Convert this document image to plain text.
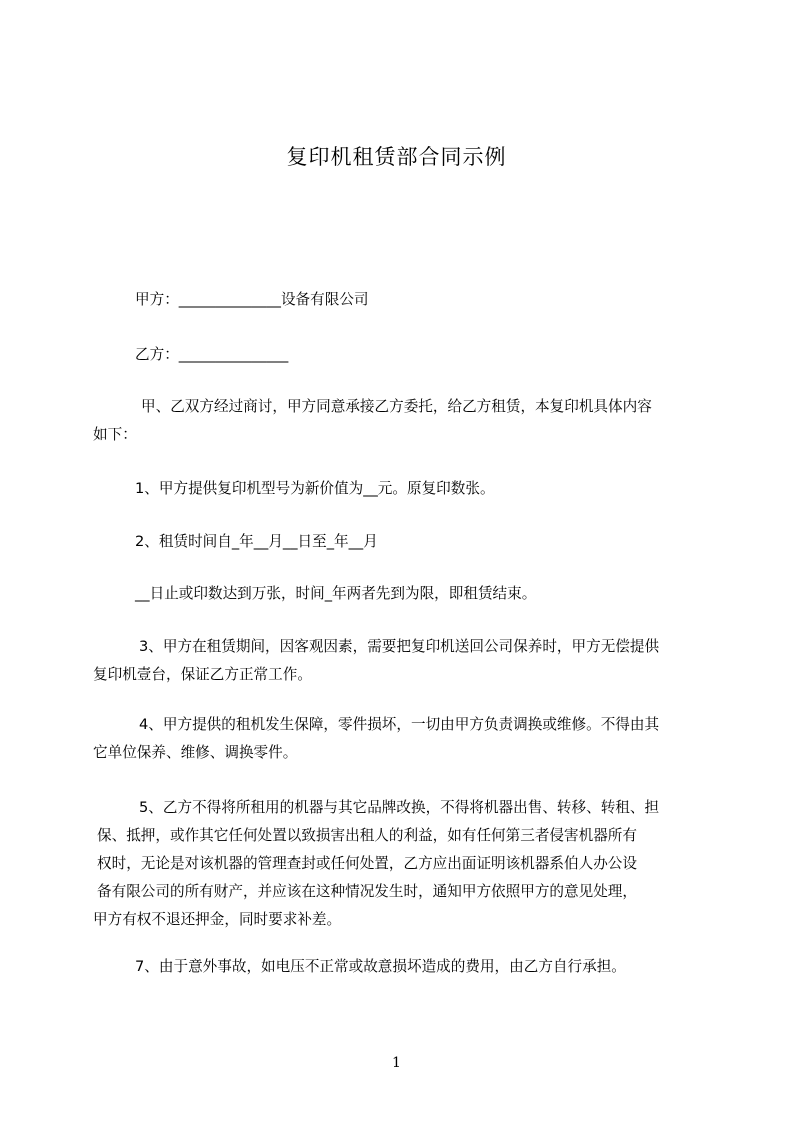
复印机租赁部合同示例

甲方：______________设备有限公司

乙方：_______________

甲、乙双方经过商讨，甲方同意承接乙方委托，给乙方租赁，本复印机具体内容
如下：

1、甲方提供复印机型号为新价值为__元。原复印数张。

2、租赁时间自_年__月__日至_年__月

__日止或印数达到万张，时间_年两者先到为限，即租赁结束。

3、甲方在租赁期间，因客观因素，需要把复印机送回公司保养时，甲方无偿提供
复印机壹台，保证乙方正常工作。
4、甲方提供的租机发生保障，零件损坏，一切由甲方负责调换或维修。不得由其
它单位保养、维修、调换零件。
5、乙方不得将所租用的机器与其它品牌改换，不得将机器出售、转移、转租、担
保、抵押，或作其它任何处置以致损害出租人的利益，如有任何第三者侵害机器所有
权时，无论是对该机器的管理查封或任何处置，乙方应出面证明该机器系伯人办公设
备有限公司的所有财产，并应该在这种情况发生时，通知甲方依照甲方的意见处理，
甲方有权不退还押金，同时要求补差。

7、由于意外事故，如电压不正常或故意损坏造成的费用，由乙方自行承担。

1
